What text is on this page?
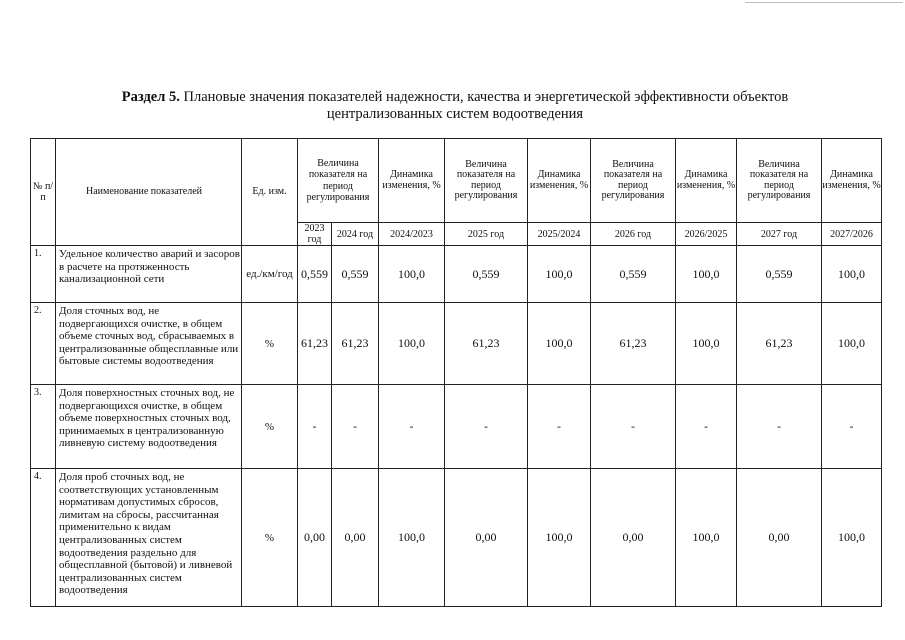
Раздел 5. Плановые значения показателей надежности, качества и энергетической эффективности объектов
централизованных систем водоотведения
№ п/п	Наименование показателей	Ед. изм.	Величина показателя на период регулирования		Динамика изменения, %	Величина показателя на период регулирования	Динамика изменения, %	Величина показателя на период регулирования	Динамика изменения, %	Величина показателя на период регулирования	Динамика изменения, %
			2023 год	2024 год	2024/2023	2025 год	2025/2024	2026 год	2026/2025	2027 год	2027/2026
1.	Удельное количество аварий и засоров в расчете на протяженность канализационной сети	ед./км/год	0,559	0,559	100,0	0,559	100,0	0,559	100,0	0,559	100,0
2.	Доля сточных вод, не подвергающихся очистке, в общем объеме сточных вод, сбрасываемых в централизованные общесплавные или бытовые системы водоотведения	%	61,23	61,23	100,0	61,23	100,0	61,23	100,0	61,23	100,0
3.	Доля поверхностных сточных вод, не подвергающихся очистке, в общем объеме поверхностных сточных вод, принимаемых в централизованную ливневую систему водоотведения	%	-	-	-	-	-	-	-	-	-
4.	Доля проб сточных вод, не соответствующих установленным нормативам допустимых сбросов, лимитам на сбросы, рассчитанная применительно к видам централизованных систем водоотведения раздельно для общесплавной (бытовой) и ливневой централизованных систем водоотведения	%	0,00	0,00	100,0	0,00	100,0	0,00	100,0	0,00	100,0
